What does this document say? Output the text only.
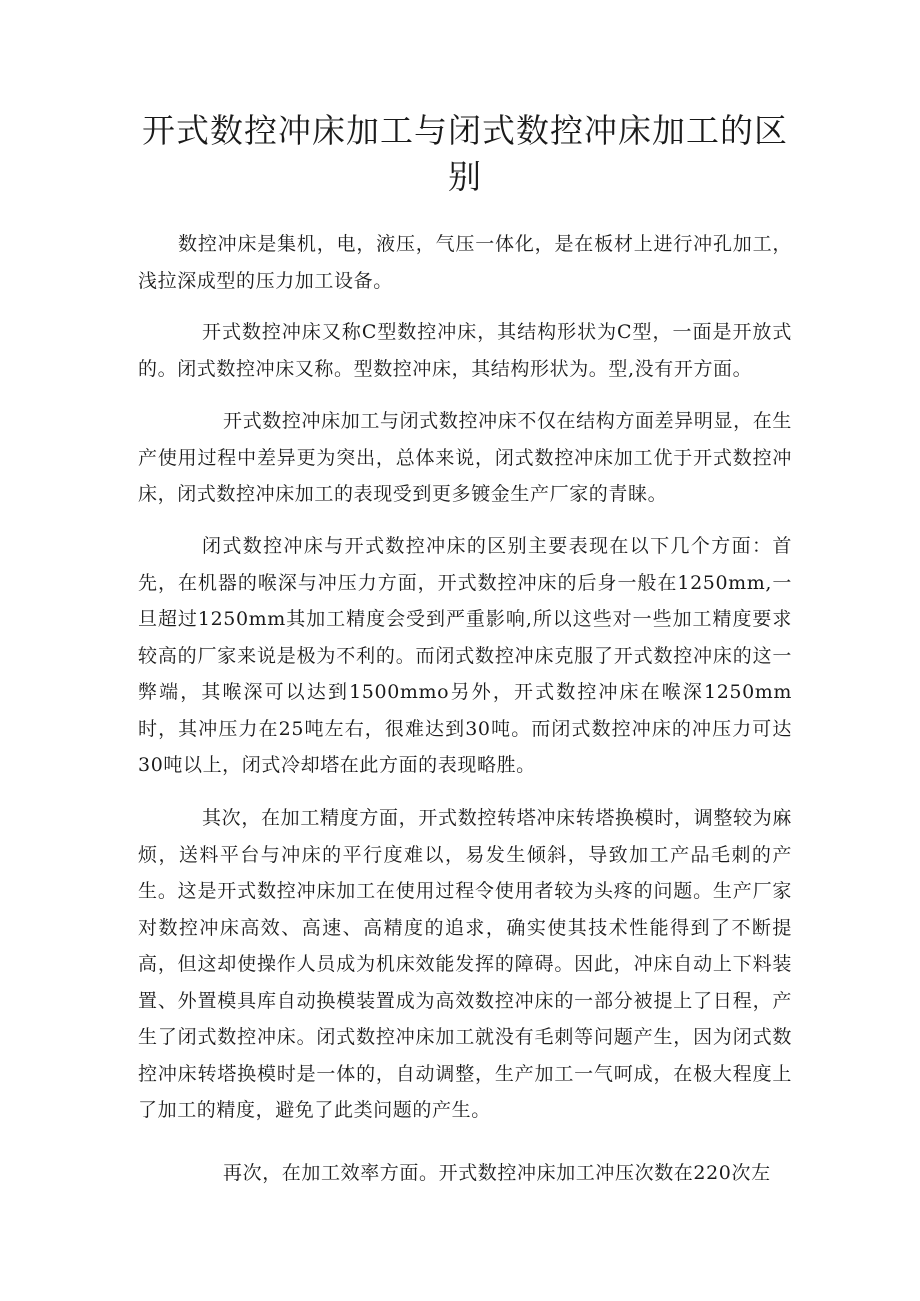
开式数控冲床加工与闭式数控冲床加工的区别

数控冲床是集机，电，液压，气压一体化，是在板材上进行冲孔加工，浅拉深成型的压力加工设备。

开式数控冲床又称C型数控冲床，其结构形状为C型，一面是开放式的。闭式数控冲床又称。型数控冲床，其结构形状为。型,没有开方面。

开式数控冲床加工与闭式数控冲床不仅在结构方面差异明显，在生产使用过程中差异更为突出，总体来说，闭式数控冲床加工优于开式数控冲床，闭式数控冲床加工的表现受到更多镀金生产厂家的青睐。

闭式数控冲床与开式数控冲床的区别主要表现在以下几个方面：首先，在机器的喉深与冲压力方面，开式数控冲床的后身一般在1250mm,一旦超过1250mm其加工精度会受到严重影响,所以这些对一些加工精度要求较高的厂家来说是极为不利的。而闭式数控冲床克服了开式数控冲床的这一弊端，其喉深可以达到1500mmo另外，开式数控冲床在喉深1250mm时，其冲压力在25吨左右，很难达到30吨。而闭式数控冲床的冲压力可达30吨以上，闭式冷却塔在此方面的表现略胜。

其次，在加工精度方面，开式数控转塔冲床转塔换模时，调整较为麻烦，送料平台与冲床的平行度难以，易发生倾斜，导致加工产品毛刺的产生。这是开式数控冲床加工在使用过程令使用者较为头疼的问题。生产厂家对数控冲床高效、高速、高精度的追求，确实使其技术性能得到了不断提高，但这却使操作人员成为机床效能发挥的障碍。因此，冲床自动上下料装置、外置模具库自动换模装置成为高效数控冲床的一部分被提上了日程，产生了闭式数控冲床。闭式数控冲床加工就没有毛刺等问题产生，因为闭式数控冲床转塔换模时是一体的，自动调整，生产加工一气呵成，在极大程度上了加工的精度，避免了此类问题的产生。

再次，在加工效率方面。开式数控冲床加工冲压次数在220次左
